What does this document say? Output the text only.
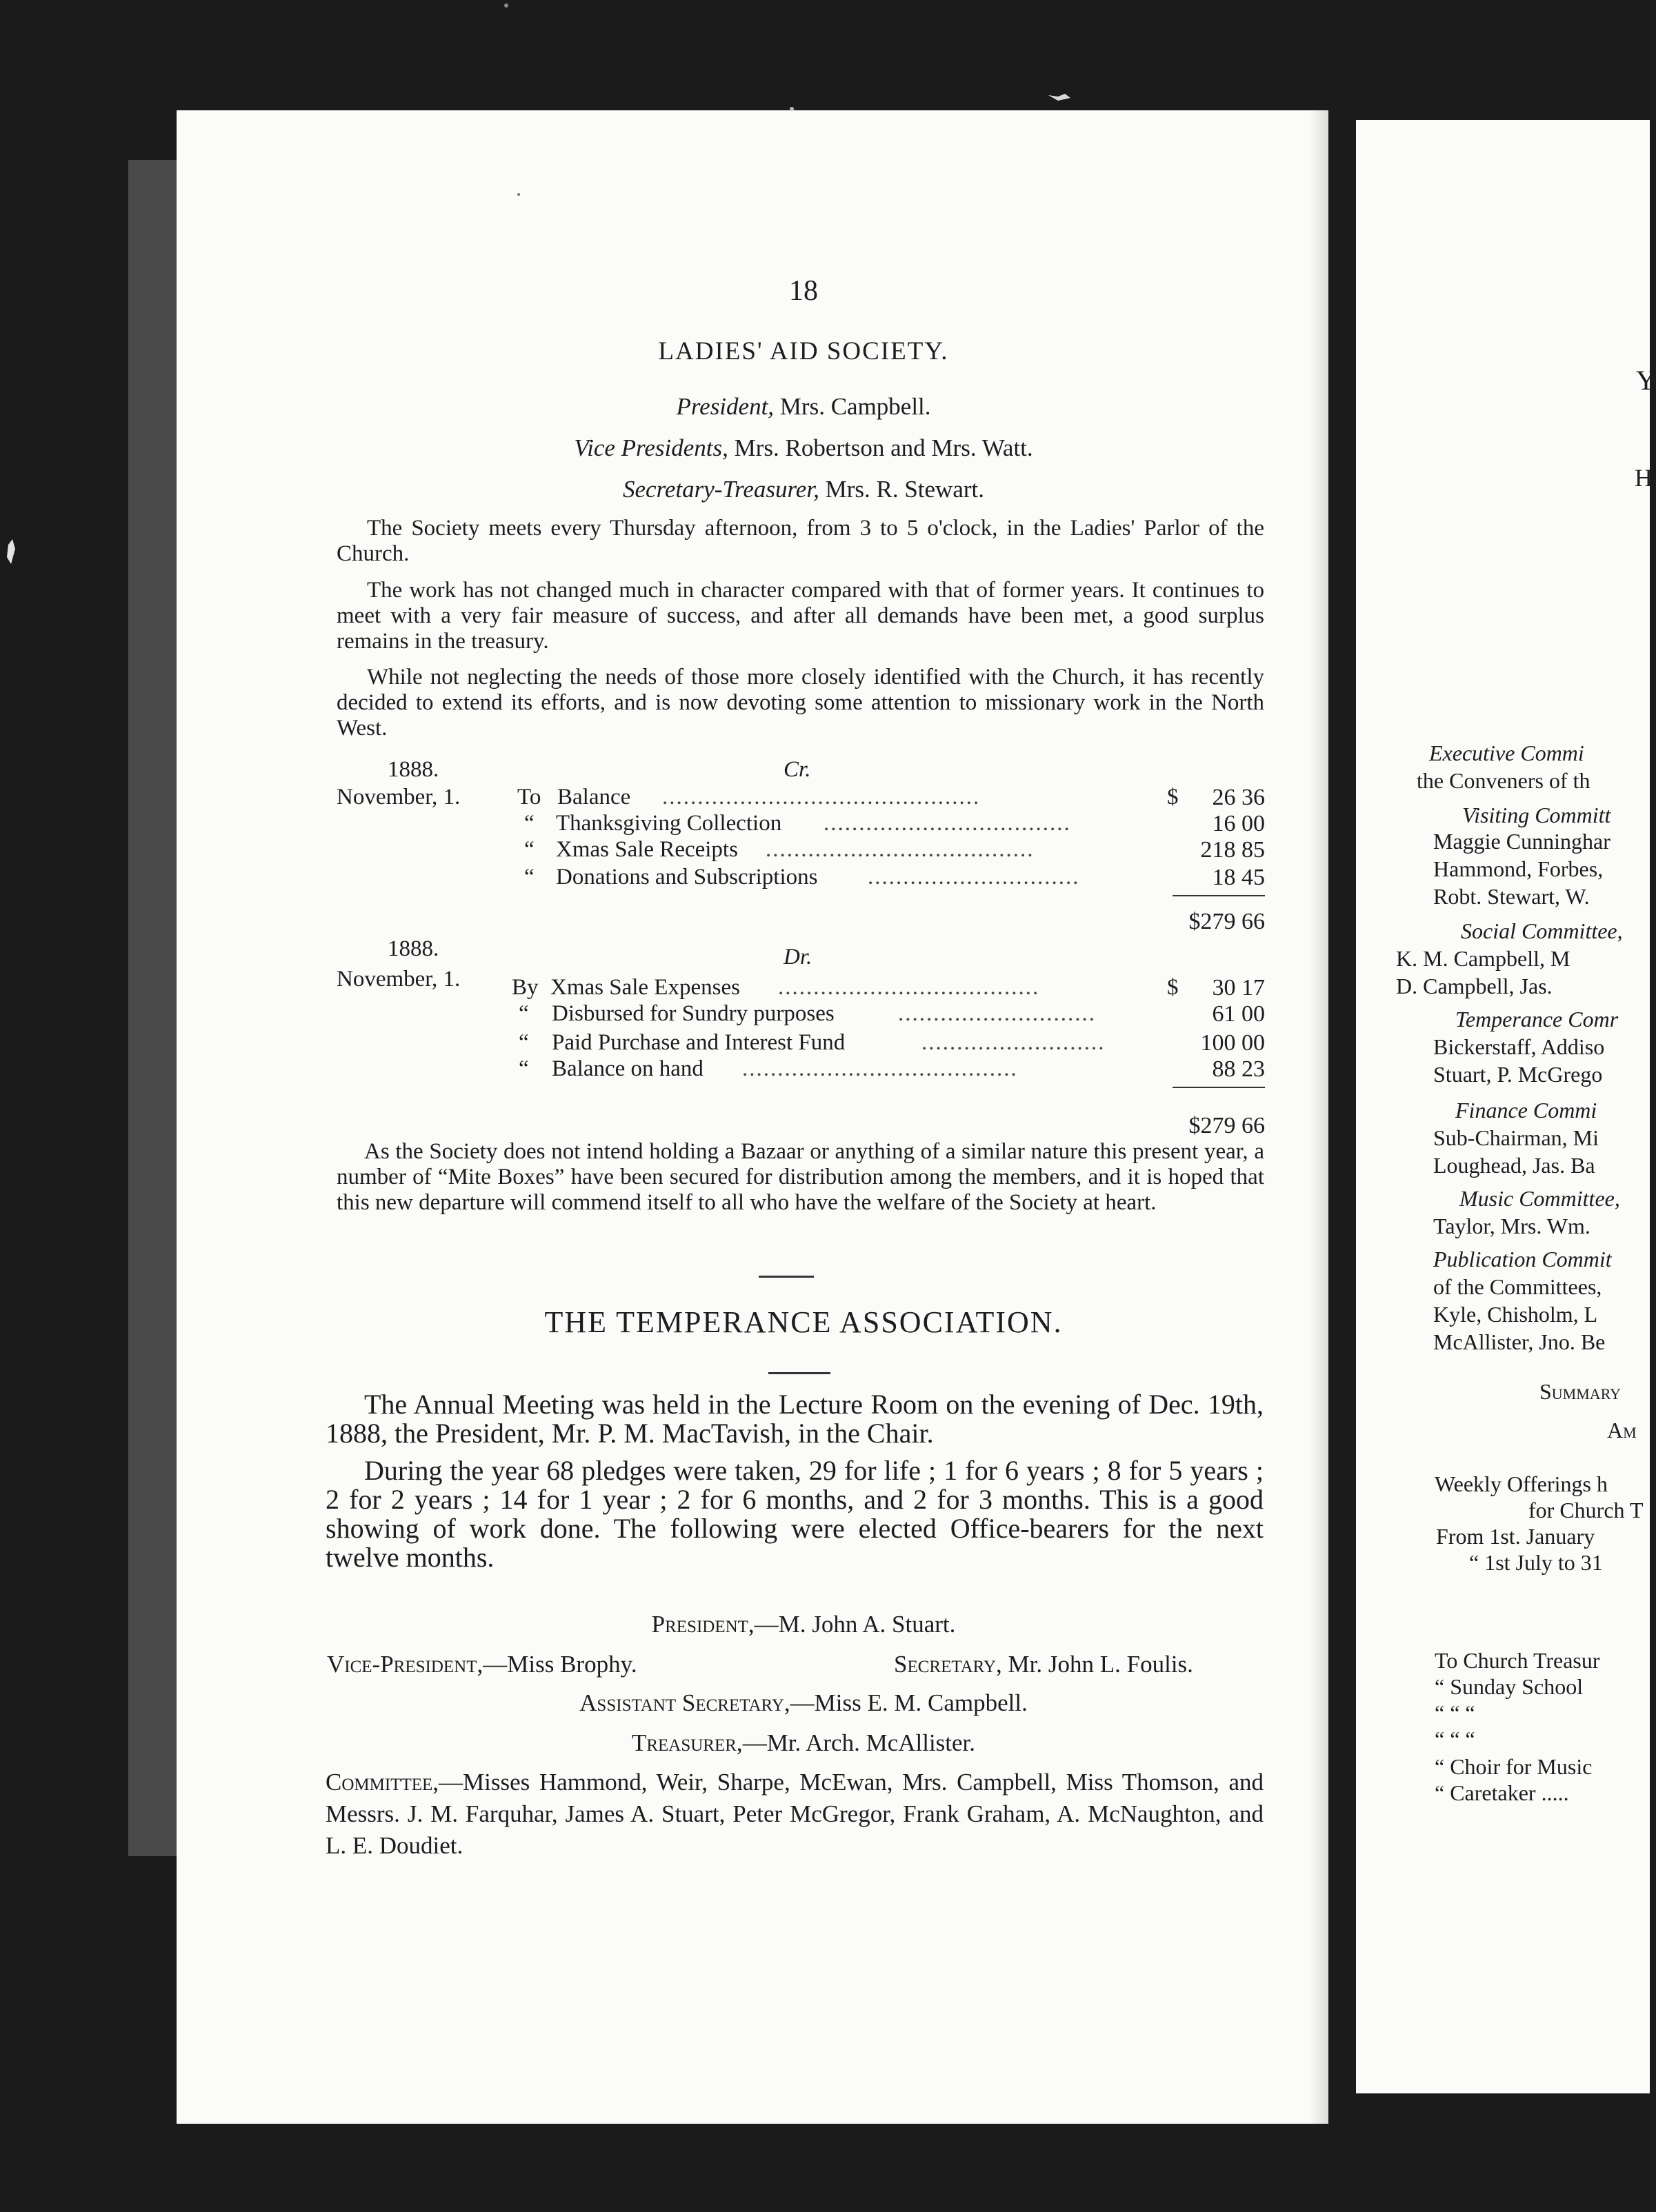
18
LADIES' AID SOCIETY.
President, Mrs. Campbell.
Vice Presidents, Mrs. Robertson and Mrs. Watt.
Secretary-Treasurer, Mrs. R. Stewart.
The Society meets every Thursday afternoon, from 3 to 5 o'clock, in the Ladies' Parlor of the Church.
The work has not changed much in character compared with that of former years. It continues to meet with a very fair measure of success, and after all demands have been met, a good surplus remains in the treasury.
While not neglecting the needs of those more closely identified with the Church, it has recently decided to extend its efforts, and is now devoting some attention to missionary work in the North West.
1888.	Cr.
November, 1.	To Balance .............................................	$	26 36
“ Thanksgiving Collection ...................................	16 00
“ Xmas Sale Receipts ......................................	218 85
“ Donations and Subscriptions ..............................	18 45
$279 66
1888.	Dr.
November, 1. By Xmas Sale Expenses .....................................	$	30 17
“ Disbursed for Sundry purposes	............................	61 00
“ Paid Purchase and Interest Fund	..........................	100 00
“ Balance on hand .......................................	88 23
$279 66
As the Society does not intend holding a Bazaar or anything of a similar nature this present year, a number of “Mite Boxes” have been secured for distribution among the members, and it is hoped that this new departure will commend itself to all who have the welfare of the Society at heart.
THE TEMPERANCE ASSOCIATION.
The Annual Meeting was held in the Lecture Room on the evening of Dec. 19th, 1888, the President, Mr. P. M. MacTavish, in the Chair.
During the year 68 pledges were taken, 29 for life ; 1 for 6 years ; 8 for 5 years ; 2 for 2 years ; 14 for 1 year ; 2 for 6 months, and 2 for 3 months. This is a good showing of work done. The following were elected Office-bearers for the next twelve months.
President,—M. John A. Stuart.
Vice-President,—Miss Brophy.	Secretary, Mr. John L. Foulis.
Assistant Secretary,—Miss E. M. Campbell.
Treasurer,—Mr. Arch. McAllister.
Committee,—Misses Hammond, Weir, Sharpe, McEwan, Mrs. Campbell, Miss Thomson, and Messrs. J. M. Farquhar, James A. Stuart, Peter McGregor, Frank Graham, A. McNaughton, and L. E. Doudiet.
Y
H
Executive Commi
the Conveners of th
Visiting Committ
Maggie Cunninghar
Hammond, Forbes,
Robt. Stewart, W.
Social Committee,
K. M. Campbell, M
D. Campbell, Jas.
Temperance Comr
Bickerstaff, Addiso
Stuart, P. McGrego
Finance Commi
Sub-Chairman, Mi
Loughead, Jas. Ba
Music Committee,
Taylor, Mrs. Wm.
Publication Commit
of the Committees,
Kyle, Chisholm, L
McAllister, Jno. Be
Summary
Am
Weekly Offerings h
for Church T
From 1st. January
“ 1st July to 31
To Church Treasur
“ Sunday School
“ “ “
“ “ “
“ Choir for Music
“ Caretaker .....
